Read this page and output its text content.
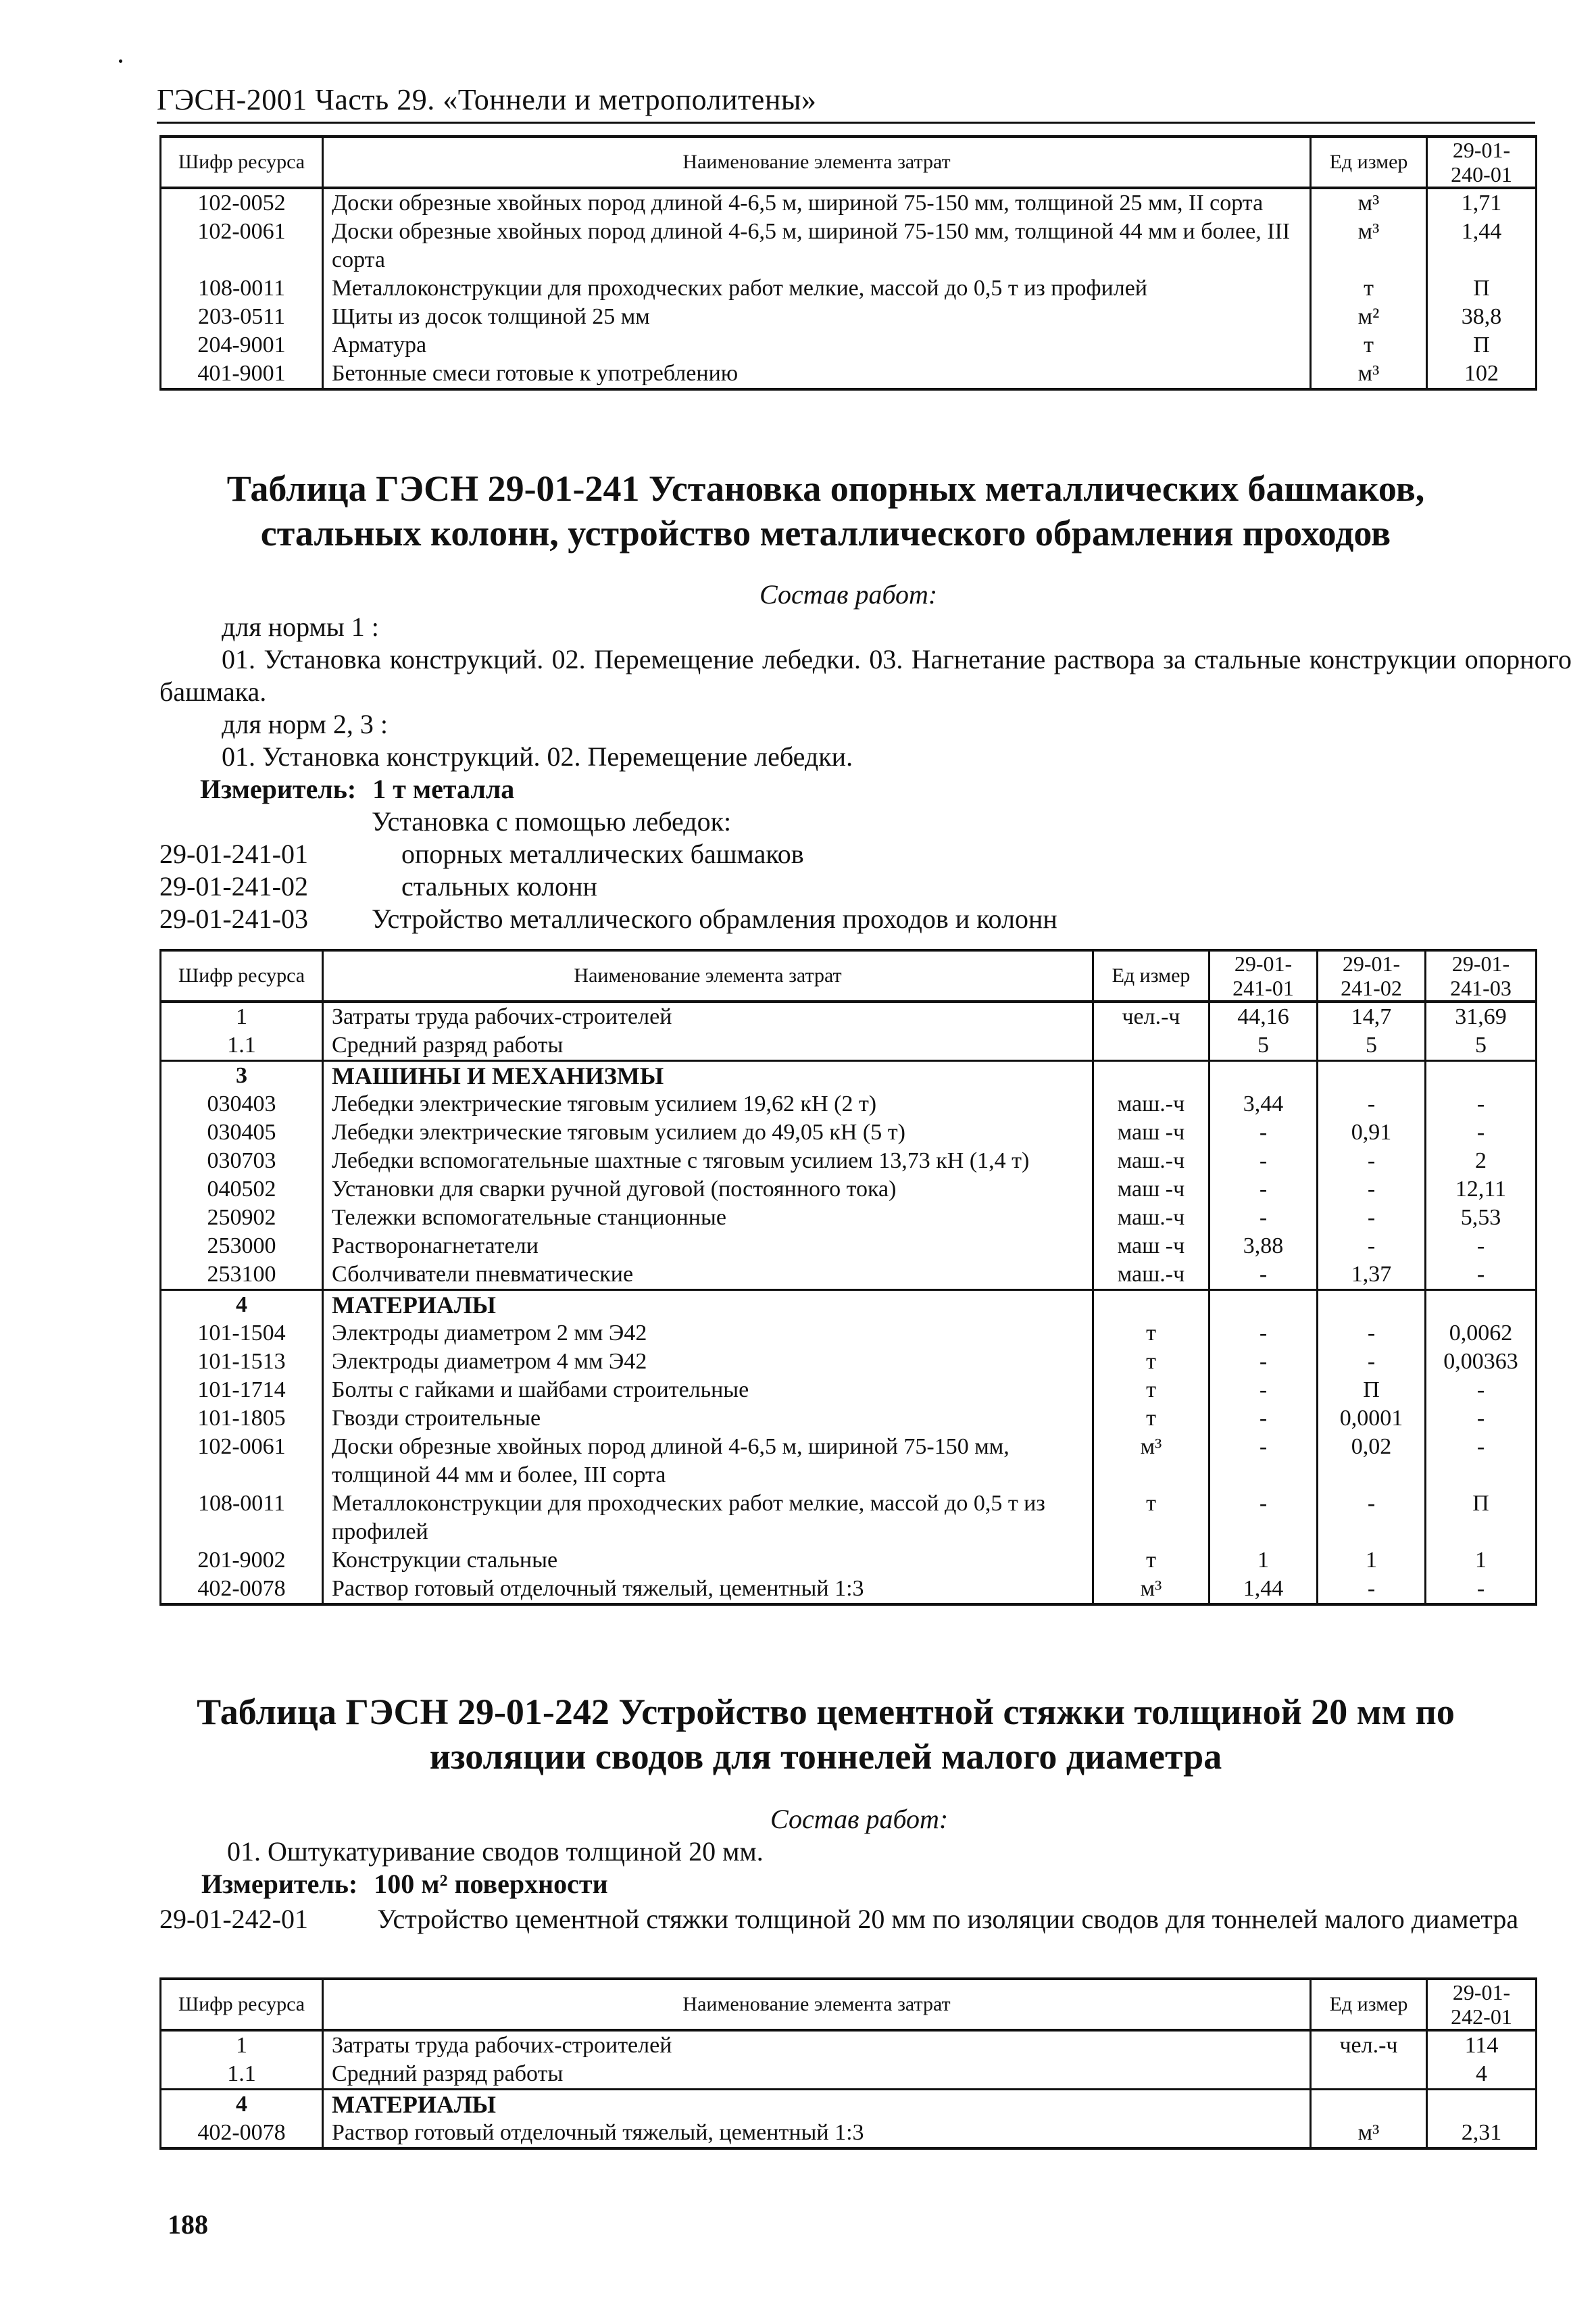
ГЭСН-2001 Часть 29. «Тоннели и метрополитены»
Шифр ресурса	Наименование элемента затрат	Ед измер	29-01-240-01
102-0052	Доски обрезные хвойных пород длиной 4-6,5 м, шириной 75-150 мм, толщиной 25 мм, II сорта	м³	1,71
102-0061	Доски обрезные хвойных пород длиной 4-6,5 м, шириной 75-150 мм, толщиной 44 мм и более, III сорта	м³	1,44
108-0011	Металлоконструкции для проходческих работ мелкие, массой до 0,5 т из профилей	т	П
203-0511	Щиты из досок толщиной 25 мм	м²	38,8
204-9001	Арматура	т	П
401-9001	Бетонные смеси готовые к употреблению	м³	102
Таблица ГЭСН 29-01-241 Установка опорных металлических башмаков, стальных колонн, устройство металлического обрамления проходов
Состав работ:
для нормы 1 :
01. Установка конструкций. 02. Перемещение лебедки. 03. Нагнетание раствора за стальные конструкции опорного башмака.
для норм 2, 3 :
01. Установка конструкций. 02. Перемещение лебедки.
Измеритель: 1 т металла
Установка с помощью лебедок:
29-01-241-01	опорных металлических башмаков
29-01-241-02	стальных колонн
29-01-241-03 Устройство металлического обрамления проходов и колонн
Шифр ресурса	Наименование элемента затрат	Ед измер	29-01-241-01	29-01-241-02	29-01-241-03
1	Затраты труда рабочих-строителей	чел.-ч	44,16	14,7	31,69
1.1	Средний разряд работы		5	5	5
3	МАШИНЫ И МЕХАНИЗМЫ				
030403	Лебедки электрические тяговым усилием 19,62 кН (2 т)	маш.-ч	3,44	-	-
030405	Лебедки электрические тяговым усилием до 49,05 кН (5 т)	маш -ч	-	0,91	-
030703	Лебедки вспомогательные шахтные с тяговым усилием 13,73 кН (1,4 т)	маш.-ч	-	-	2
040502	Установки для сварки ручной дуговой (постоянного тока)	маш -ч	-	-	12,11
250902	Тележки вспомогательные станционные	маш.-ч	-	-	5,53
253000	Растворонагнетатели	маш -ч	3,88	-	-
253100	Сболчиватели пневматические	маш.-ч	-	1,37	-
4	МАТЕРИАЛЫ				
101-1504	Электроды диаметром 2 мм Э42	т	-	-	0,0062
101-1513	Электроды диаметром 4 мм Э42	т	-	-	0,00363
101-1714	Болты с гайками и шайбами строительные	т	-	П	-
101-1805	Гвозди строительные	т	-	0,0001	-
102-0061	Доски обрезные хвойных пород длиной 4-6,5 м, шириной 75-150 мм, толщиной 44 мм и более, III сорта	м³	-	0,02	-
108-0011	Металлоконструкции для проходческих работ мелкие, массой до 0,5 т из профилей	т	-	-	П
201-9002	Конструкции стальные	т	1	1	1
402-0078	Раствор готовый отделочный тяжелый, цементный 1:3	м³	1,44	-	-
Таблица ГЭСН 29-01-242 Устройство цементной стяжки толщиной 20 мм по изоляции сводов для тоннелей малого диаметра
Состав работ:
01. Оштукатуривание сводов толщиной 20 мм.
Измеритель: 100 м² поверхности
29-01-242-01	Устройство цементной стяжки толщиной 20 мм по изоляции сводов для тоннелей малого диаметра
Шифр ресурса	Наименование элемента затрат	Ед измер	29-01-242-01
1	Затраты труда рабочих-строителей	чел.-ч	114
1.1	Средний разряд работы		4
4	МАТЕРИАЛЫ		
402-0078	Раствор готовый отделочный тяжелый, цементный 1:3	м³	2,31
188
